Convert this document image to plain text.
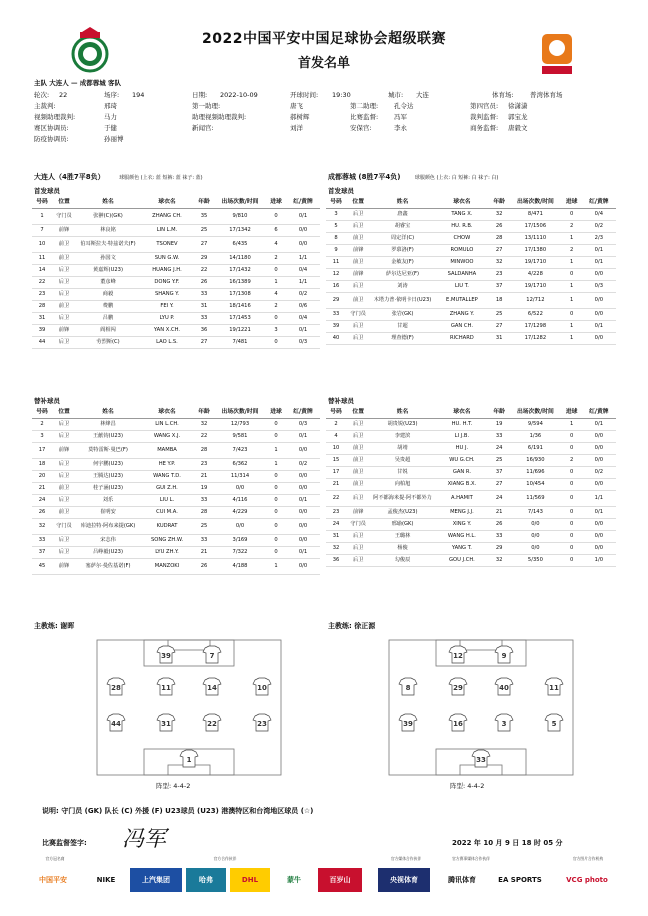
2022中国平安中国足球协会超级联赛
首发名单
主队 大连人 — 成都蓉城 客队
轮次:	22	场序:	194	日期:	2022-10-09	开球时间:	19:30	城市:	大连	体育场:	普湾体育场
主裁判:	邢琦	第一助理:	唐飞	第二助理:	孔令达	第四官员:	徐潇潇
视频助理裁判:	马力	助理视频助理裁判:	郝树辉	比赛监督:	冯军	裁判监督:	郭宝龙
赛区协调员:	于健	新闻官:	刘洋	安保官:	李永	商务监督:	唐毅文
防疫协调员:	孙丽博
大连人（4胜7平8负）	球服颜色 (上衣: 蓝 短裤: 蓝 袜子: 蓝)	成都蓉城 (8胜7平4负)	球服颜色 (上衣: 白 短裤: 白 袜子: 白)
首发球员	首发球员
号码	位置	姓名	球衣名	年龄	出场次数/时间	进球	红/黄牌
1	守门员	张翀(C)(GK)	ZHANG CH.	35	9/810	0	0/1
7	前锋	林良铭	LIN L.M.	25	17/1342	6	0/0
10	前卫	伯耳斯拉夫·特兹诺夫(F)	TSONEV	27	6/435	4	0/0
11	前卫	孙国文	SUN G.W.	29	14/1180	2	1/1
14	后卫	黄嘉辉(U23)	HUANG J.H.	22	17/1432	0	0/4
22	后卫	董彦峰	DONG Y.F.	26	16/1389	1	1/1
23	后卫	商毅	SHANG Y.	33	17/1308	4	0/2
28	前卫	费鹏	FEI Y.	31	18/1416	2	0/6
31	后卫	吕鹏	LYU P.	33	17/1453	0	0/4
39	前锋	阎相闯	YAN X.CH.	36	19/1221	3	0/1
44	后卫	劳烈斯(C)	LAO L.S.	27	7/481	0	0/3
号码	位置	姓名	球衣名	年龄	出场次数/时间	进球	红/黄牌
3	后卫	唐鑫	TANG X.	32	8/471	0	0/4
5	后卫	胡睿宝	HU. R.B.	26	17/1506	2	0/2
8	前卫	周定洋(C)	CHOW	28	13/1110	1	2/3
9	前锋	罗慕洛(F)	ROMULO	27	17/1380	2	0/1
11	前卫	金敏友(F)	MINWOO	32	19/1710	1	0/1
12	前锋	萨尔达尼亚(F)	SALDANHA	23	4/228	0	0/0
16	后卫	刘涛	LIU T.	37	19/1710	1	0/3
29	前卫	木塔力普·依明卡日(U23)	E.MUTALLEP	18	12/712	1	0/0
33	守门员	张岩(GK)	ZHANG Y.	25	6/522	0	0/0
39	后卫	甘超	GAN CH.	27	17/1298	1	0/1
40	后卫	理查德(F)	RICHARD	31	17/1282	1	0/0
替补球员	替补球员
号码	位置	姓名	球衣名	年龄	出场次数/时间	进球	红/黄牌
2	后卫	林烽昌	LIN L.CH.	32	12/793	0	0/3
3	后卫	王献钧(U23)	WANG X.J.	22	9/581	0	0/1
17	前锋	莫特雷斯·曼巴(F)	MAMBA	28	7/423	1	0/0
18	后卫	何宇鹏(U23)	HE Y.P.	23	6/362	1	0/2
20	后卫	王腾达(U23)	WANG T.D.	21	11/314	0	0/0
21	前卫	桂子涵(U23)	GUI Z.H.	19	0/0	0	0/0
24	后卫	刘乐	LIU L.	33	4/116	0	0/1
26	前卫	崔明安	CUI M.A.	28	4/229	0	0/0
32	守门员	库迪拉特·阿布来提(GK)	KUDRAT	25	0/0	0	0/0
33	后卫	宋志伟	SONG ZH.W.	33	3/169	0	0/0
37	后卫	吕峥毅(U23)	LYU ZH.Y.	21	7/322	0	0/1
45	前锋	塞萨尔·曼佐基诺(F)	MANZOKI	26	4/188	1	0/0
号码	位置	姓名	球衣名	年龄	出场次数/时间	进球	红/黄牌
2	后卫	胡贵锐(U23)	HU. H.T.	19	9/594	1	0/1
4	后卫	李建滨	LI J.B.	33	1/36	0	0/0
10	前卫	胡靖	HU J.	24	6/191	0	0/0
15	前卫	吴贵超	WU G.CH.	25	16/930	2	0/0
17	前卫	甘锐	GAN R.	37	11/696	0	0/2
21	前卫	向柏旭	XIANG B.X.	27	10/454	0	0/0
22	后卫	阿不都海米提·阿不都外力	A.HAMIT	24	11/569	0	1/1
23	前锋	孟俊杰(U23)	MENG J.J.	21	7/143	0	0/1
24	守门员	邢瑜(GK)	XING Y.	26	0/0	0	0/0
31	后卫	王璐林	WANG H.L.	33	0/0	0	0/0
32	后卫	杨俊	YANG T.	29	0/0	0	0/0
36	后卫	勾俊辰	GOU J.CH.	32	5/350	0	1/0
主教练: 谢晖	主教练: 徐正源
39	7
28	11	14	10
44	31	22	23
1
12	9
8	29	40	11
39	16	3	5
33
阵型: 4-4-2	阵型: 4-4-2
说明: 守门员 (GK) 队长 (C) 外援 (F) U23球员 (U23) 港澳特区和台湾地区球员 (☆)
比赛监督签字: 冯军	2022 年 10 月 9 日 18 时 05 分
官方冠名商	官方合作伙伴	官方媒体合作伙伴	官方赛事媒体合作伙伴	官方图片合作机构
中国平安	NIKE	上汽集团	哈弗	DHL	蒙牛	百岁山	央视体育	腾讯体育	EA SPORTS	VCG photo
